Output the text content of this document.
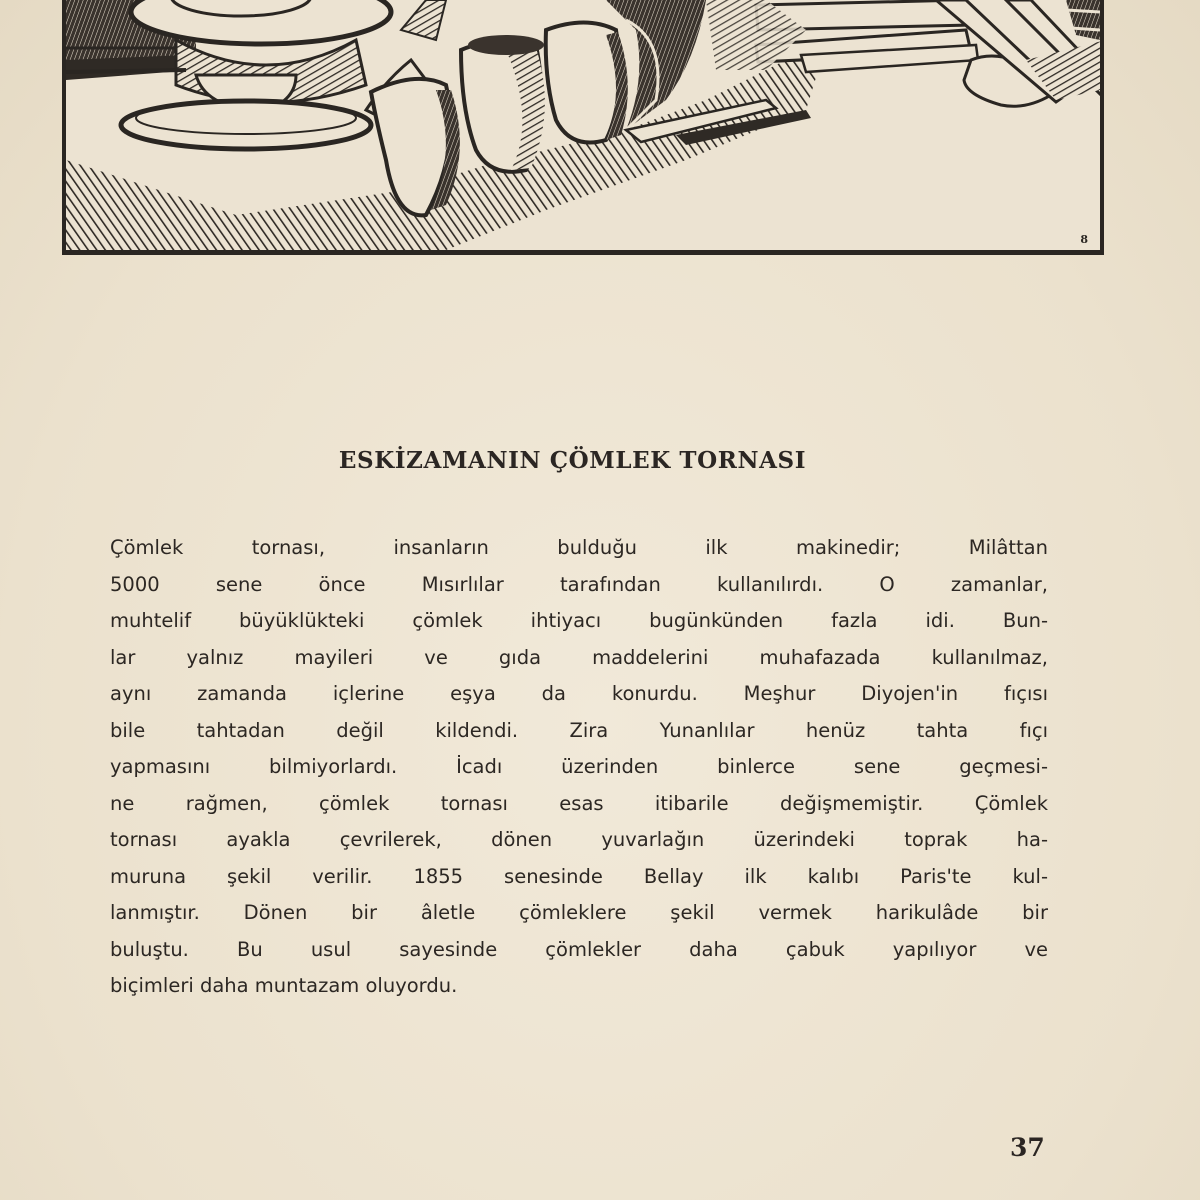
8
ESKİZAMANIN ÇÖMLEK TORNASI
Çömlek tornası, insanların bulduğu ilk makinedir; Milâttan
5000 sene önce Mısırlılar tarafından kullanılırdı. O zamanlar,
muhtelif büyüklükteki çömlek ihtiyacı bugünkünden fazla idi. Bun-
lar yalnız mayileri ve gıda maddelerini muhafazada kullanılmaz,
aynı zamanda içlerine eşya da konurdu. Meşhur Diyojen'in fıçısı
bile tahtadan değil kildendi. Zira Yunanlılar henüz tahta fıçı
yapmasını bilmiyorlardı. İcadı üzerinden binlerce sene geçmesi-
ne rağmen, çömlek tornası esas itibarile değişmemiştir. Çömlek
tornası ayakla çevrilerek, dönen yuvarlağın üzerindeki toprak ha-
muruna şekil verilir. 1855 senesinde Bellay ilk kalıbı Paris'te kul-
lanmıştır. Dönen bir âletle çömleklere şekil vermek harikulâde bir
buluştu. Bu usul sayesinde çömlekler daha çabuk yapılıyor ve
biçimleri daha muntazam oluyordu.
37
